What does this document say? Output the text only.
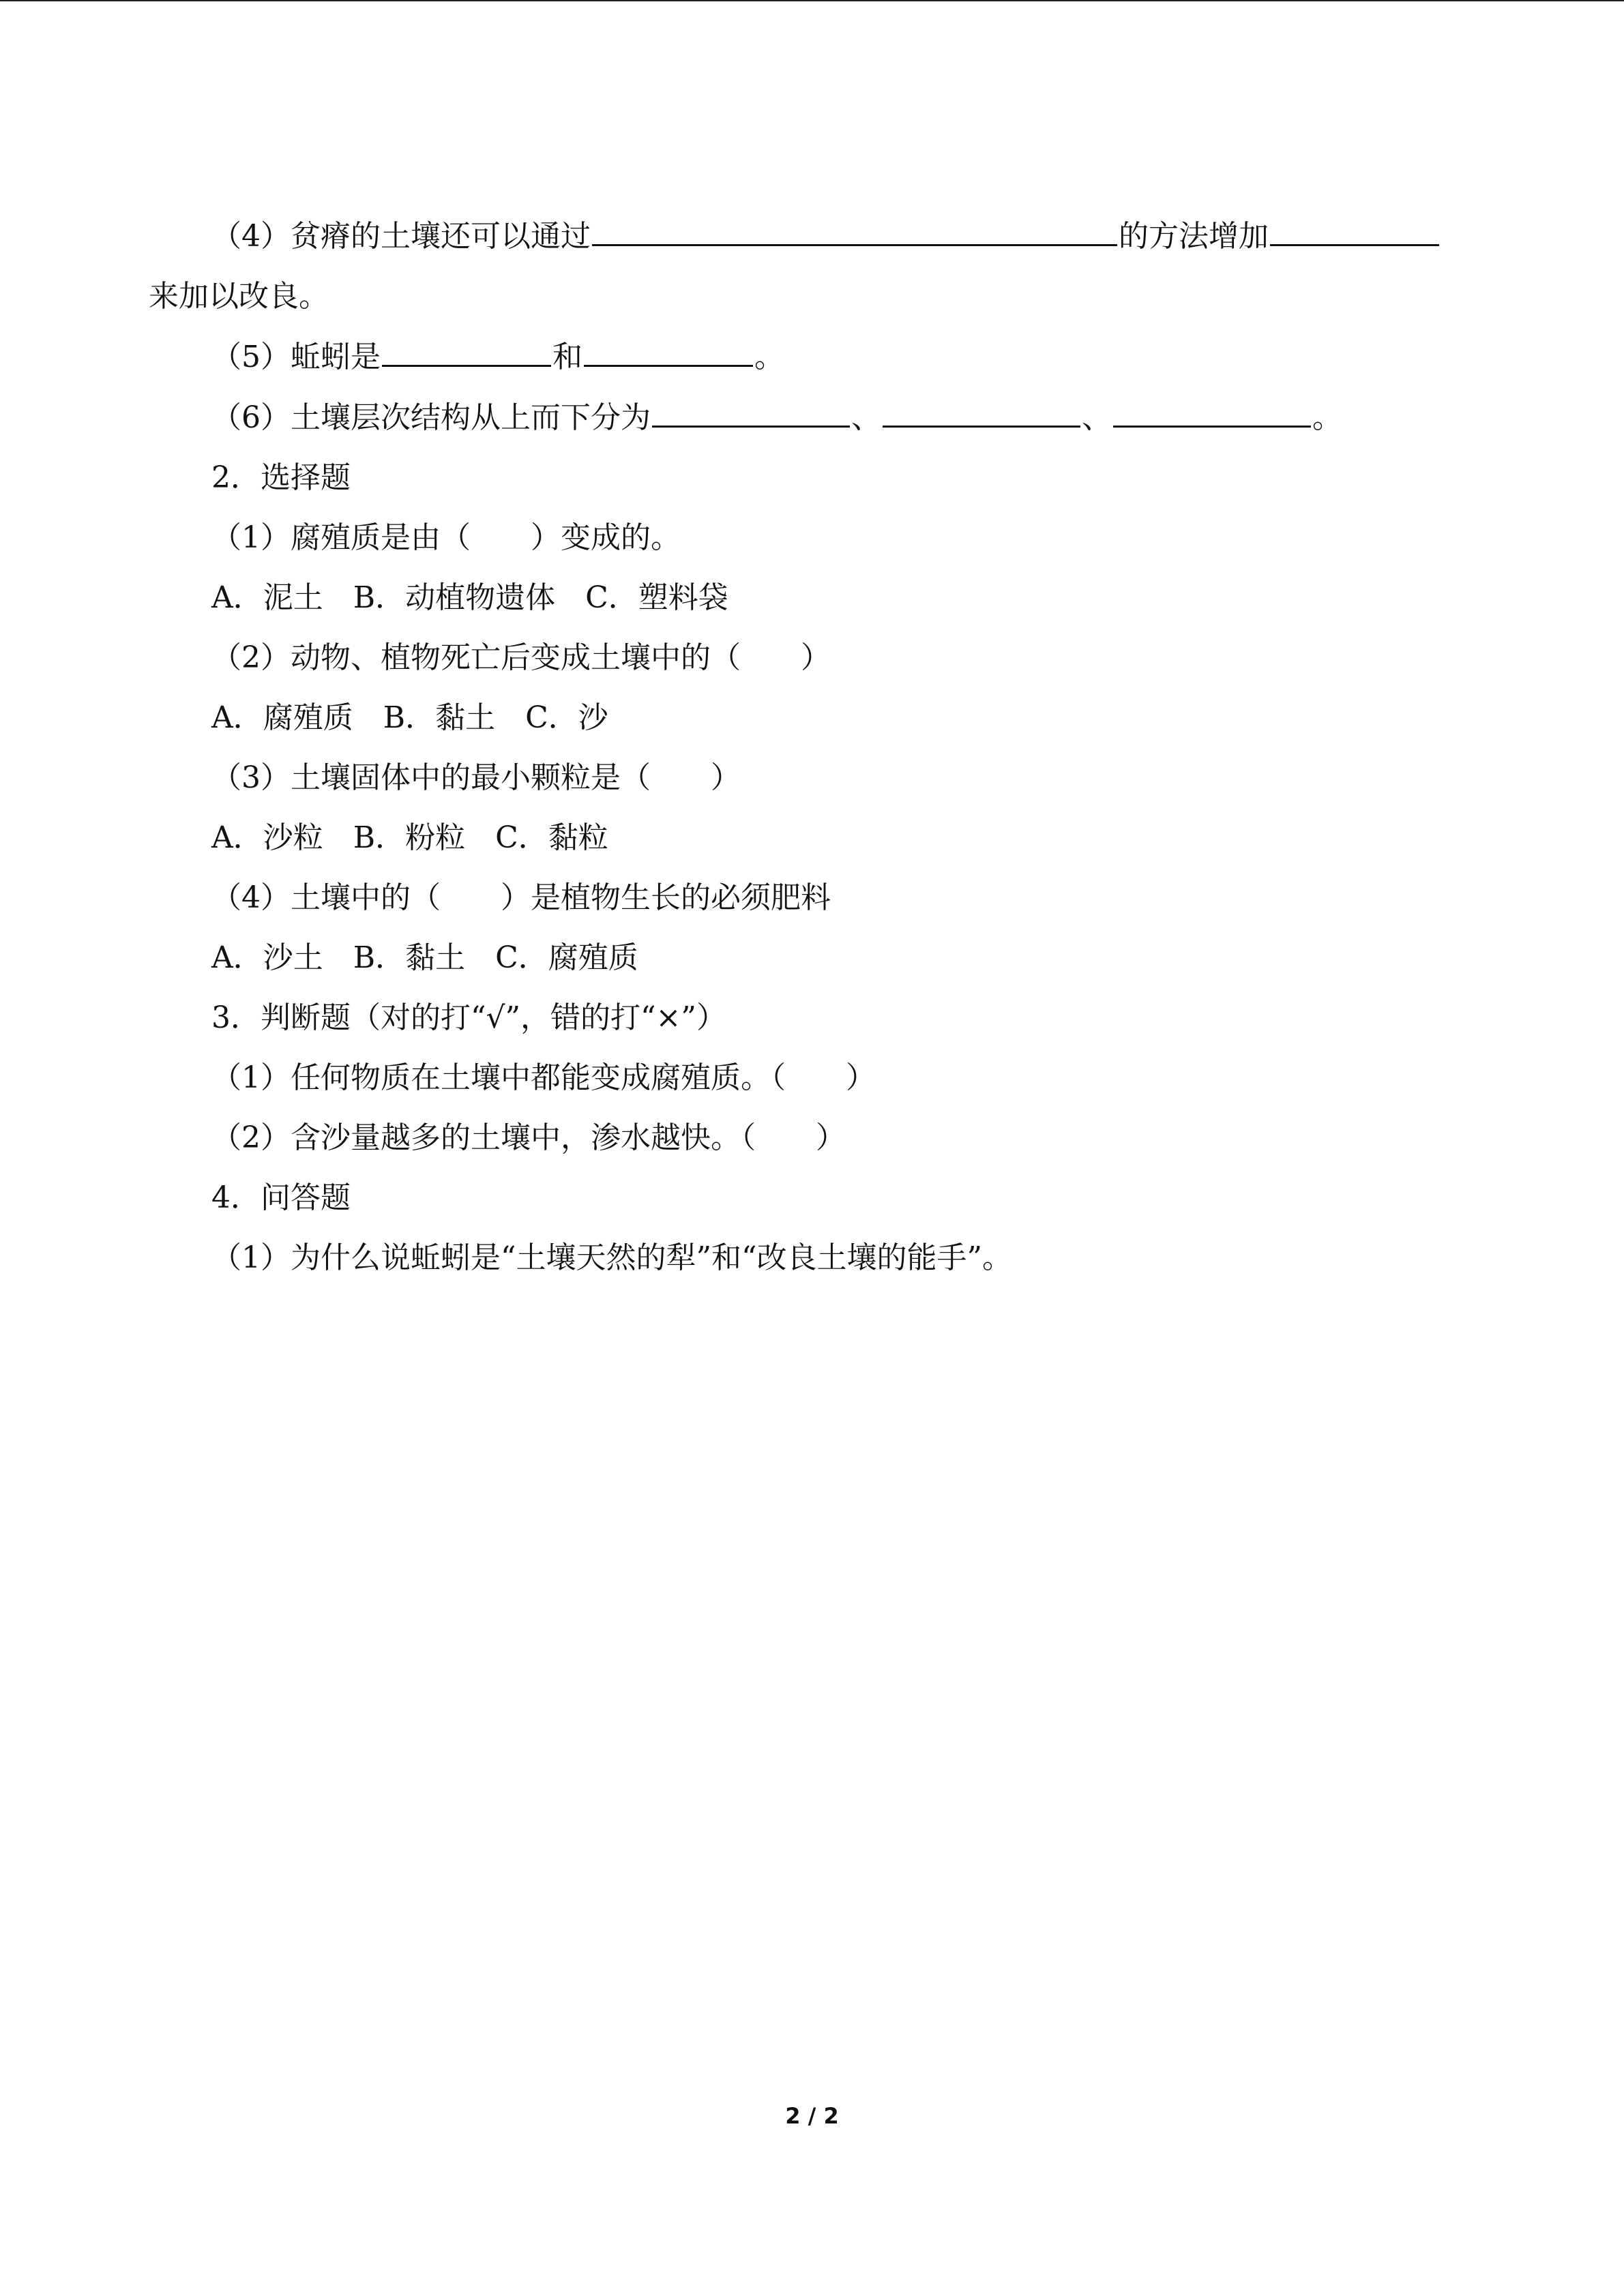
（4）贫瘠的土壤还可以通过	的方法增加
来加以改良。
（5）蚯蚓是	和	。
（6）土壤层次结构从上而下分为	、	、	。
2．选择题
（1）腐殖质是由（　　）变成的。
A．泥土　B．动植物遗体　C．塑料袋
（2）动物、植物死亡后变成土壤中的（　　）
A．腐殖质　B．黏土　C．沙
（3）土壤固体中的最小颗粒是（　　）
A．沙粒　B．粉粒　C．黏粒
（4）土壤中的（　　）是植物生长的必须肥料
A．沙土　B．黏土　C．腐殖质
3．判断题（对的打“√”，错的打“×”）
（1）任何物质在土壤中都能变成腐殖质。（　　）
（2）含沙量越多的土壤中，渗水越快。（　　）
4．问答题
（1）为什么说蚯蚓是“土壤天然的犁”和“改良土壤的能手”。
2 / 2
